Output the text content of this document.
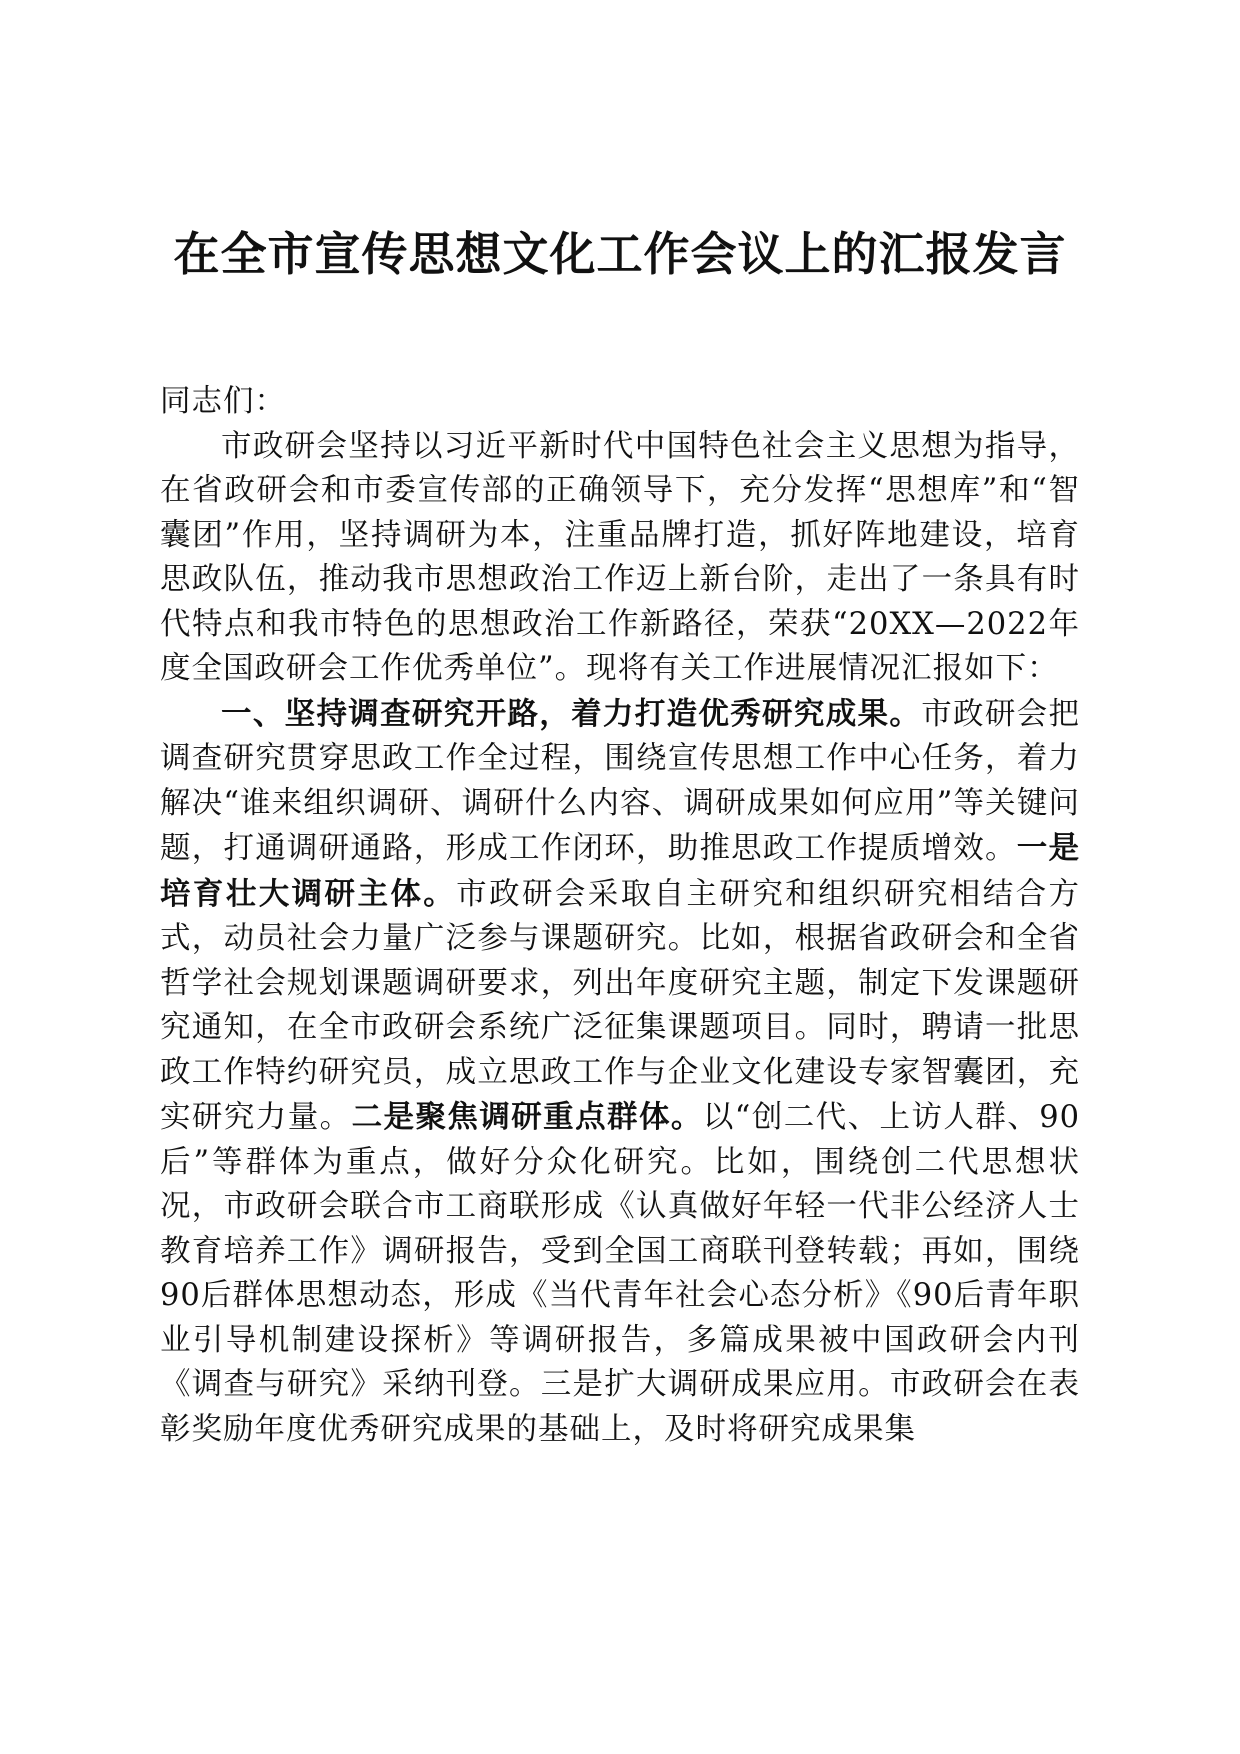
在全市宣传思想文化工作会议上的汇报发言

同志们：

市政研会坚持以习近平新时代中国特色社会主义思想为指导，在省政研会和市委宣传部的正确领导下，充分发挥“思想库”和“智囊团”作用，坚持调研为本，注重品牌打造，抓好阵地建设，培育思政队伍，推动我市思想政治工作迈上新台阶，走出了一条具有时代特点和我市特色的思想政治工作新路径，荣获“20XX—2022年度全国政研会工作优秀单位”。现将有关工作进展情况汇报如下：

一、坚持调查研究开路，着力打造优秀研究成果。市政研会把调查研究贯穿思政工作全过程，围绕宣传思想工作中心任务，着力解决“谁来组织调研、调研什么内容、调研成果如何应用”等关键问题，打通调研通路，形成工作闭环，助推思政工作提质增效。一是培育壮大调研主体。市政研会采取自主研究和组织研究相结合方式，动员社会力量广泛参与课题研究。比如，根据省政研会和全省哲学社会规划课题调研要求，列出年度研究主题，制定下发课题研究通知，在全市政研会系统广泛征集课题项目。同时，聘请一批思政工作特约研究员，成立思政工作与企业文化建设专家智囊团，充实研究力量。二是聚焦调研重点群体。以“创二代、上访人群、90后”等群体为重点，做好分众化研究。比如，围绕创二代思想状况，市政研会联合市工商联形成《认真做好年轻一代非公经济人士教育培养工作》调研报告，受到全国工商联刊登转载；再如，围绕90后群体思想动态，形成《当代青年社会心态分析》《90后青年职业引导机制建设探析》等调研报告，多篇成果被中国政研会内刊《调查与研究》采纳刊登。三是扩大调研成果应用。市政研会在表彰奖励年度优秀研究成果的基础上，及时将研究成果集
